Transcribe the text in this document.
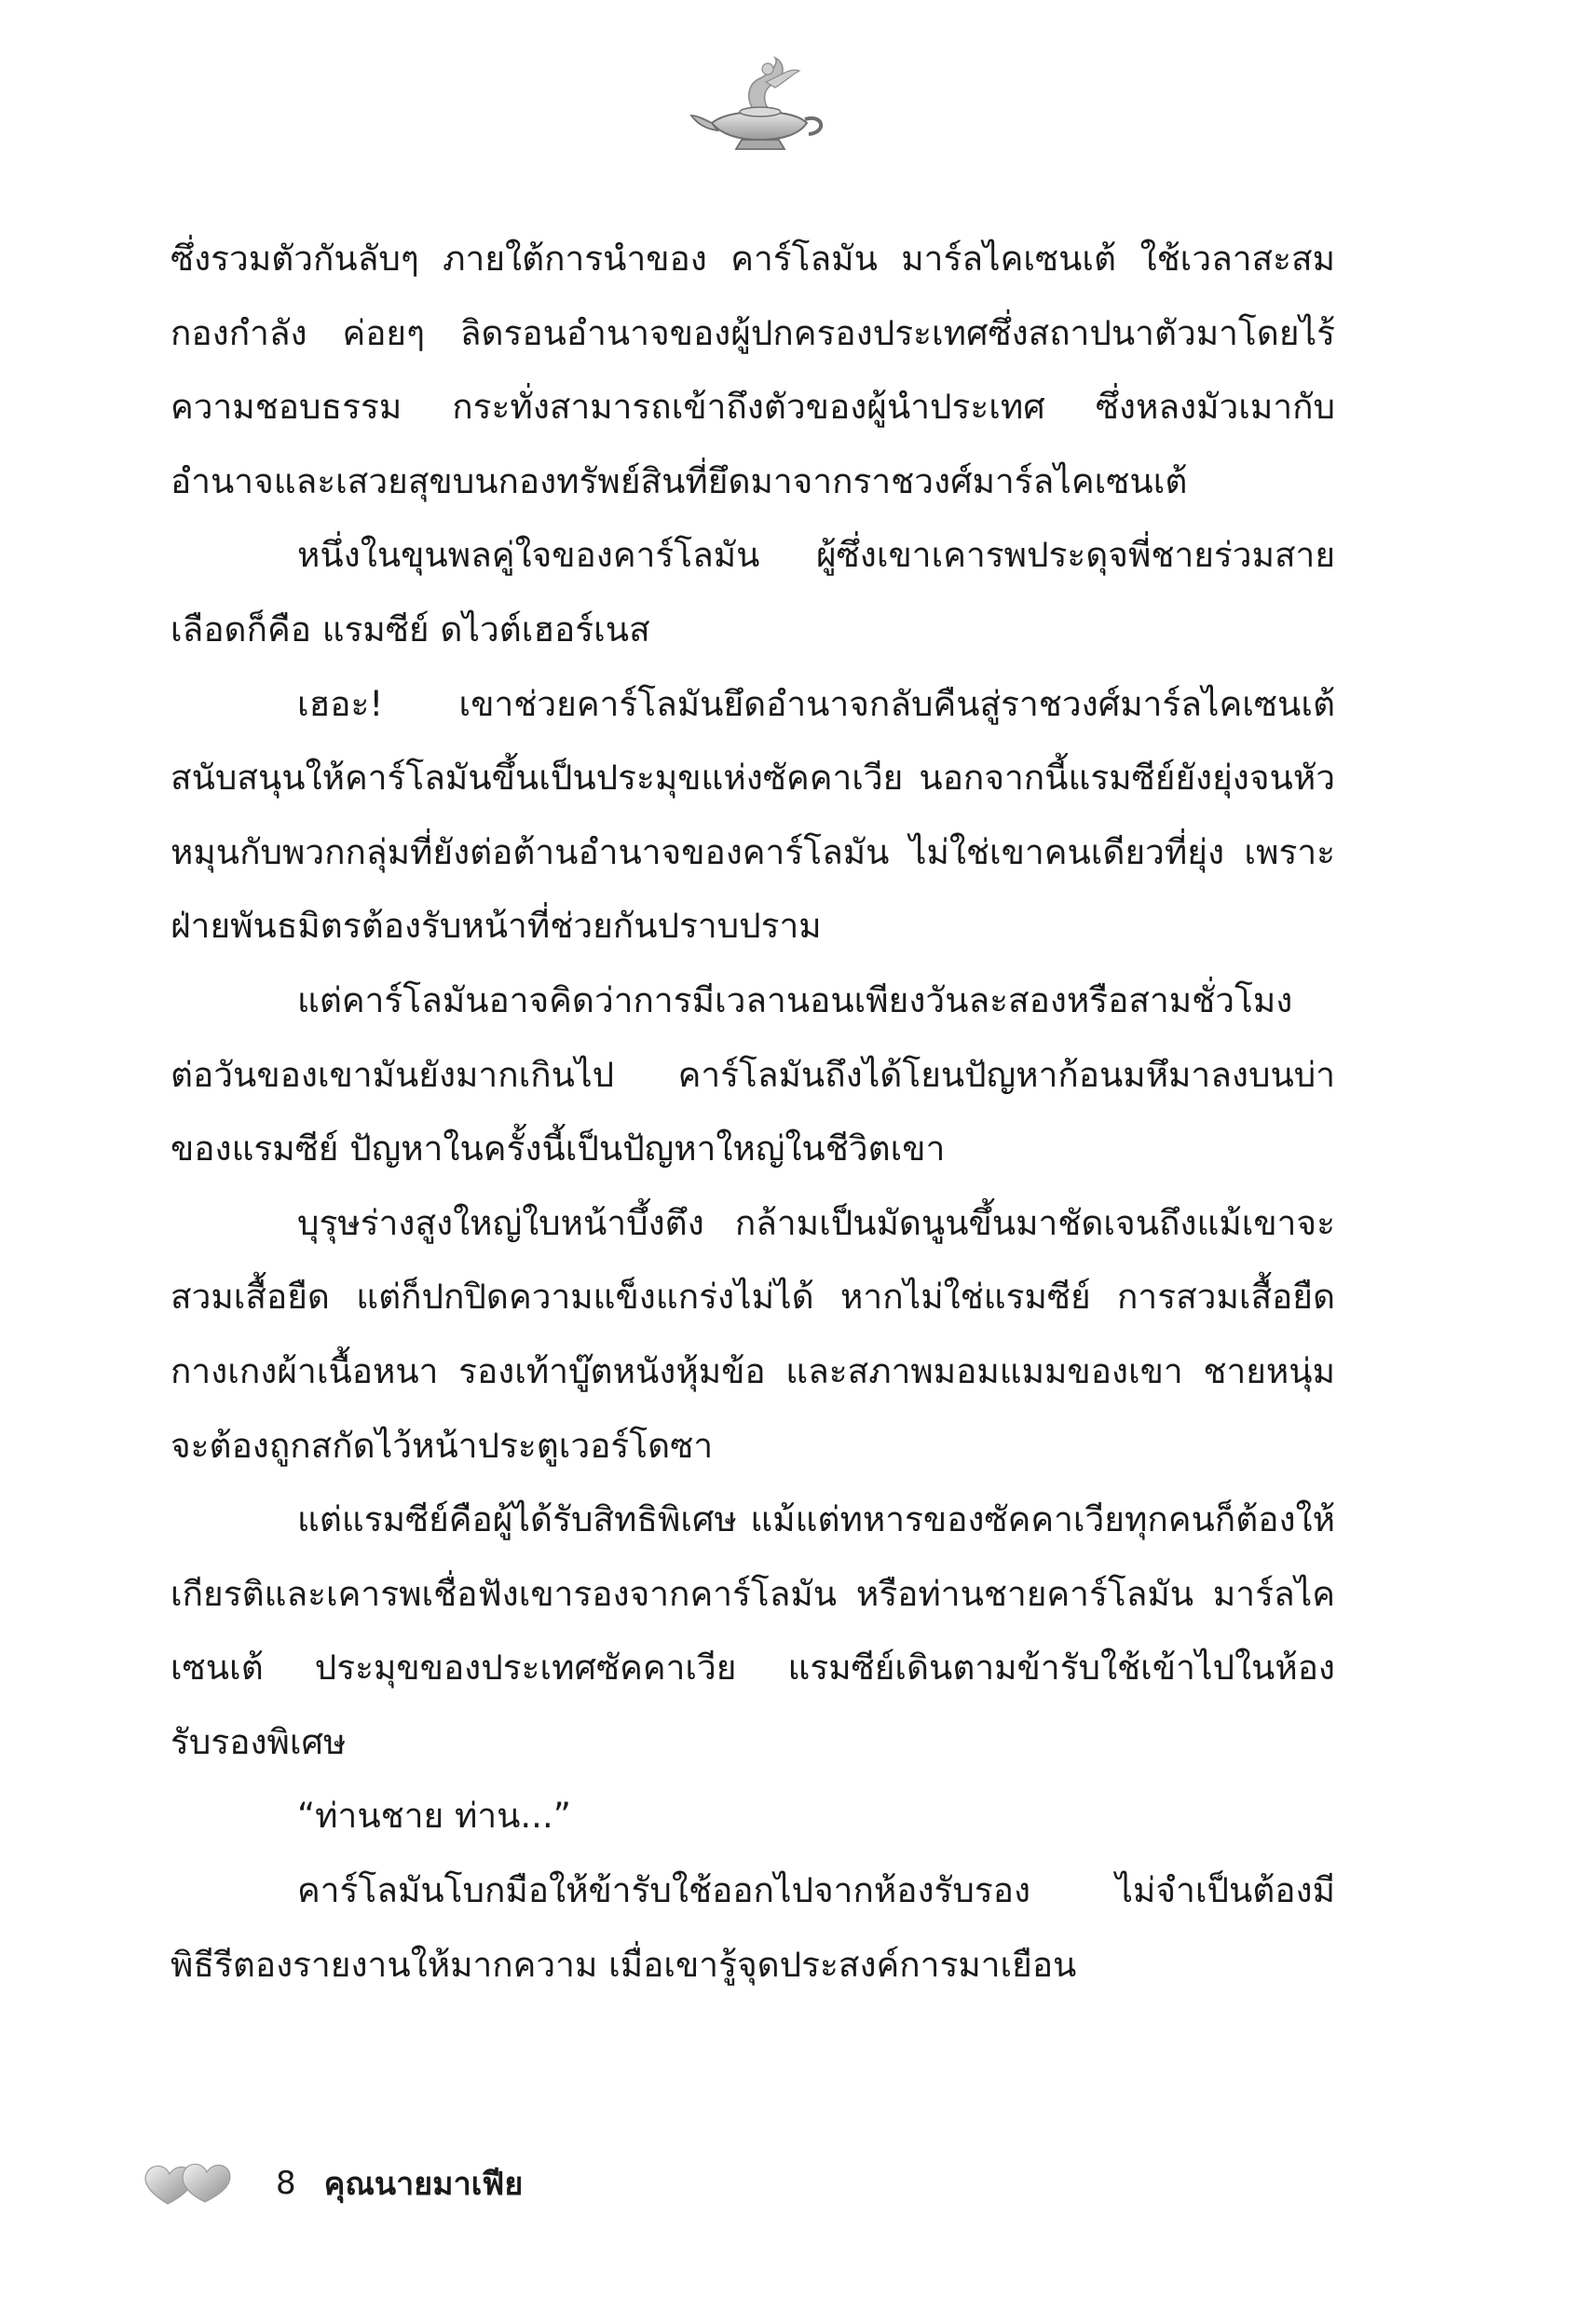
ซึ่งรวมตัวกันลับๆ ภายใต้การนำของ คาร์โลมัน มาร์ลไคเซนเต้ ใช้เวลาสะสมกองกำลัง ค่อยๆ ลิดรอนอำนาจของผู้ปกครองประเทศซึ่งสถาปนาตัวมาโดยไร้ความชอบธรรม กระทั่งสามารถเข้าถึงตัวของผู้นำประเทศ ซึ่งหลงมัวเมากับอำนาจและเสวยสุขบนกองทรัพย์สินที่ยึดมาจากราชวงศ์มาร์ลไคเซนเต้

หนึ่งในขุนพลคู่ใจของคาร์โลมัน ผู้ซึ่งเขาเคารพประดุจพี่ชายร่วมสายเลือดก็คือ แรมซีย์ ดไวต์เฮอร์เนส

เฮอะ! เขาช่วยคาร์โลมันยึดอำนาจกลับคืนสู่ราชวงศ์มาร์ลไคเซนเต้สนับสนุนให้คาร์โลมันขึ้นเป็นประมุขแห่งซัคคาเวีย นอกจากนี้แรมซีย์ยังยุ่งจนหัวหมุนกับพวกกลุ่มที่ยังต่อต้านอำนาจของคาร์โลมัน ไม่ใช่เขาคนเดียวที่ยุ่ง เพราะฝ่ายพันธมิตรต้องรับหน้าที่ช่วยกันปราบปราม

แต่คาร์โลมันอาจคิดว่าการมีเวลานอนเพียงวันละสองหรือสามชั่วโมงต่อวันของเขามันยังมากเกินไป คาร์โลมันถึงได้โยนปัญหาก้อนมหึมาลงบนบ่าของแรมซีย์ ปัญหาในครั้งนี้เป็นปัญหาใหญ่ในชีวิตเขา

บุรุษร่างสูงใหญ่ใบหน้าบึ้งตึง กล้ามเป็นมัดนูนขึ้นมาชัดเจนถึงแม้เขาจะสวมเสื้อยืด แต่ก็ปกปิดความแข็งแกร่งไม่ได้ หากไม่ใช่แรมซีย์ การสวมเสื้อยืด กางเกงผ้าเนื้อหนา รองเท้าบู๊ตหนังหุ้มข้อ และสภาพมอมแมมของเขา ชายหนุ่มจะต้องถูกสกัดไว้หน้าประตูเวอร์โดซา

แต่แรมซีย์คือผู้ได้รับสิทธิพิเศษ แม้แต่ทหารของซัคคาเวียทุกคนก็ต้องให้เกียรติและเคารพเชื่อฟังเขารองจากคาร์โลมัน หรือท่านชายคาร์โลมัน มาร์ลไคเซนเต้ ประมุขของประเทศซัคคาเวีย แรมซีย์เดินตามข้ารับใช้เข้าไปในห้องรับรองพิเศษ

“ท่านชาย ท่าน...”

คาร์โลมันโบกมือให้ข้ารับใช้ออกไปจากห้องรับรอง ไม่จำเป็นต้องมีพิธีรีตองรายงานให้มากความ เมื่อเขารู้จุดประสงค์การมาเยือน

8 คุณนายมาเฟีย
